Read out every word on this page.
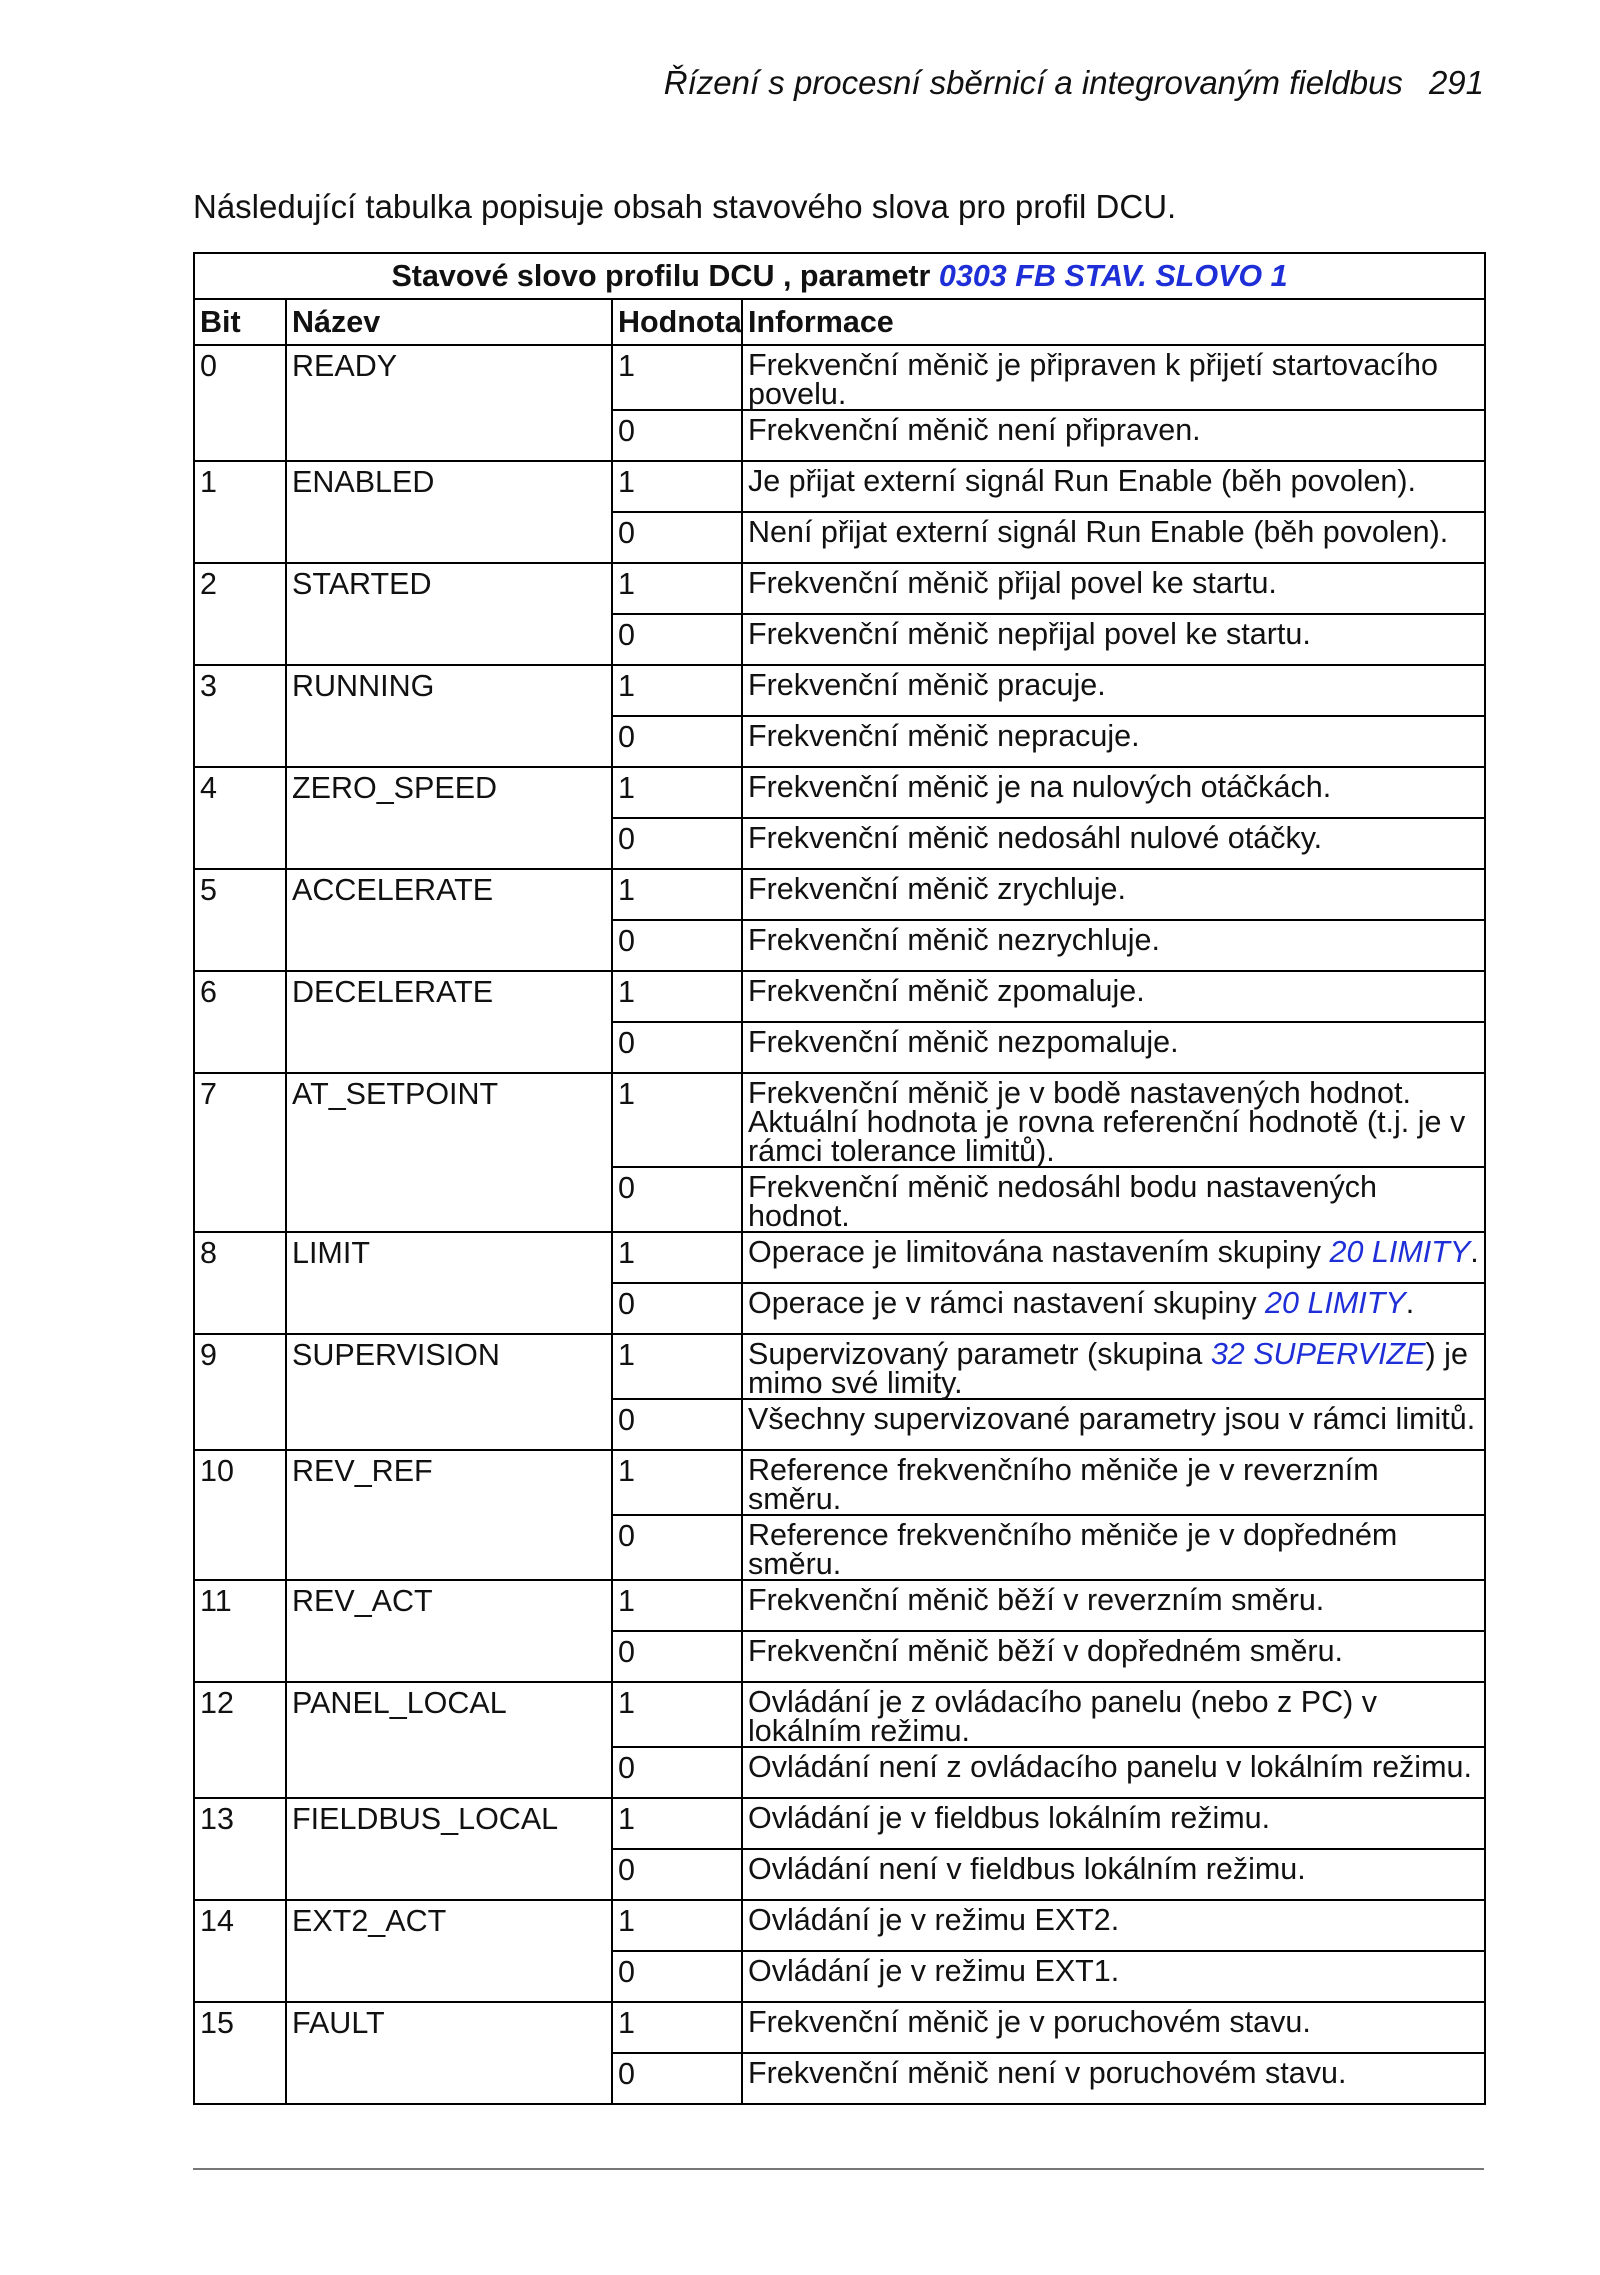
Řízení s procesní sběrnicí a integrovaným fieldbus 291
Následující tabulka popisuje obsah stavového slova pro profil DCU.
Stavové slovo profilu DCU , parametr 0303 FB STAV. SLOVO 1			
Bit	Název	Hodnota	Informace
0	READY	1	Frekvenční měnič je připraven k přijetí startovacího povelu.
		0	Frekvenční měnič není připraven.
1	ENABLED	1	Je přijat externí signál Run Enable (běh povolen).
		0	Není přijat externí signál Run Enable (běh povolen).
2	STARTED	1	Frekvenční měnič přijal povel ke startu.
		0	Frekvenční měnič nepřijal povel ke startu.
3	RUNNING	1	Frekvenční měnič pracuje.
		0	Frekvenční měnič nepracuje.
4	ZERO_SPEED	1	Frekvenční měnič je na nulových otáčkách.
		0	Frekvenční měnič nedosáhl nulové otáčky.
5	ACCELERATE	1	Frekvenční měnič zrychluje.
		0	Frekvenční měnič nezrychluje.
6	DECELERATE	1	Frekvenční měnič zpomaluje.
		0	Frekvenční měnič nezpomaluje.
7	AT_SETPOINT	1	Frekvenční měnič je v bodě nastavených hodnot. Aktuální hodnota je rovna referenční hodnotě (t.j. je v rámci tolerance limitů).
		0	Frekvenční měnič nedosáhl bodu nastavených hodnot.
8	LIMIT	1	Operace je limitována nastavením skupiny 20 LIMITY.
		0	Operace je v rámci nastavení skupiny 20 LIMITY.
9	SUPERVISION	1	Supervizovaný parametr (skupina 32 SUPERVIZE) je mimo své limity.
		0	Všechny supervizované parametry jsou v rámci limitů.
10	REV_REF	1	Reference frekvenčního měniče je v reverzním směru.
		0	Reference frekvenčního měniče je v dopředném směru.
11	REV_ACT	1	Frekvenční měnič běží v reverzním směru.
		0	Frekvenční měnič běží v dopředném směru.
12	PANEL_LOCAL	1	Ovládání je z ovládacího panelu (nebo z PC) v lokálním režimu.
		0	Ovládání není z ovládacího panelu v lokálním režimu.
13	FIELDBUS_LOCAL	1	Ovládání je v fieldbus lokálním režimu.
		0	Ovládání není v fieldbus lokálním režimu.
14	EXT2_ACT	1	Ovládání je v režimu EXT2.
		0	Ovládání je v režimu EXT1.
15	FAULT	1	Frekvenční měnič je v poruchovém stavu.
		0	Frekvenční měnič není v poruchovém stavu.
